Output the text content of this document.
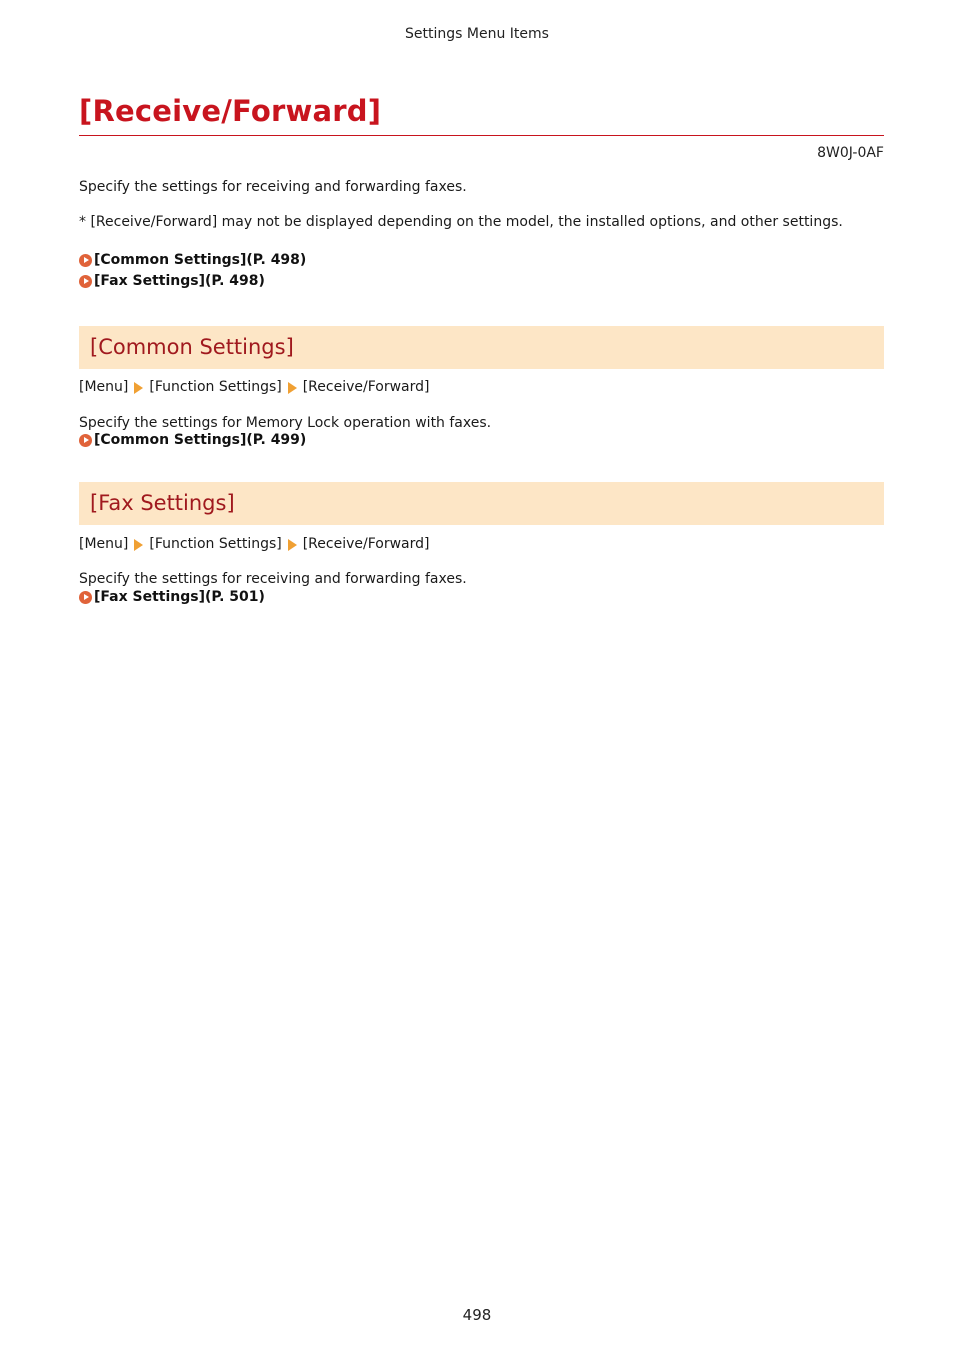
Settings Menu Items
[Receive/Forward]
8W0J-0AF

Specify the settings for receiving and forwarding faxes.

* [Receive/Forward] may not be displayed depending on the model, the installed options, and other settings.

[Common Settings](P. 498)
[Fax Settings](P. 498)
[Common Settings]
[Menu] [Function Settings] [Receive/Forward]

Specify the settings for Memory Lock operation with faxes.

[Common Settings](P. 499)
[Fax Settings]
[Menu] [Function Settings] [Receive/Forward]

Specify the settings for receiving and forwarding faxes.

[Fax Settings](P. 501)
498
